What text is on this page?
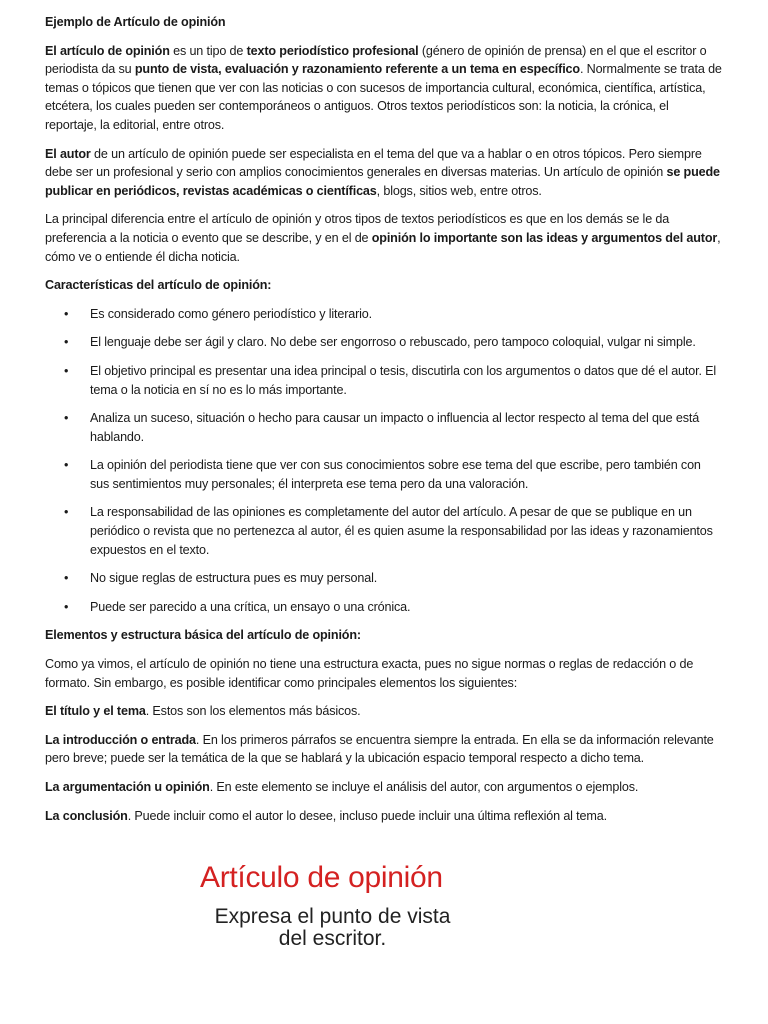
Ejemplo de Artículo de opinión

El artículo de opinión es un tipo de texto periodístico profesional (género de opinión de prensa) en el que el escritor o periodista da su punto de vista, evaluación y razonamiento referente a un tema en específico. Normalmente se trata de temas o tópicos que tienen que ver con las noticias o con sucesos de importancia cultural, económica, científica, artística, etcétera, los cuales pueden ser contemporáneos o antiguos. Otros textos periodísticos son: la noticia, la crónica, el reportaje, la editorial, entre otros.

El autor de un artículo de opinión puede ser especialista en el tema del que va a hablar o en otros tópicos. Pero siempre debe ser un profesional y serio con amplios conocimientos generales en diversas materias. Un artículo de opinión se puede publicar en periódicos, revistas académicas o científicas, blogs, sitios web, entre otros.

La principal diferencia entre el artículo de opinión y otros tipos de textos periodísticos es que en los demás se le da preferencia a la noticia o evento que se describe, y en el de opinión lo importante son las ideas y argumentos del autor, cómo ve o entiende él dicha noticia.

Características del artículo de opinión:

• Es considerado como género periodístico y literario.
• El lenguaje debe ser ágil y claro. No debe ser engorroso o rebuscado, pero tampoco coloquial, vulgar ni simple.
• El objetivo principal es presentar una idea principal o tesis, discutirla con los argumentos o datos que dé el autor. El tema o la noticia en sí no es lo más importante.
• Analiza un suceso, situación o hecho para causar un impacto o influencia al lector respecto al tema del que está hablando.
• La opinión del periodista tiene que ver con sus conocimientos sobre ese tema del que escribe, pero también con sus sentimientos muy personales; él interpreta ese tema pero da una valoración.
• La responsabilidad de las opiniones es completamente del autor del artículo. A pesar de que se publique en un periódico o revista que no pertenezca al autor, él es quien asume la responsabilidad por las ideas y razonamientos expuestos en el texto.
• No sigue reglas de estructura pues es muy personal.
• Puede ser parecido a una crítica, un ensayo o una crónica.

Elementos y estructura básica del artículo de opinión:

Como ya vimos, el artículo de opinión no tiene una estructura exacta, pues no sigue normas o reglas de redacción o de formato. Sin embargo, es posible identificar como principales elementos los siguientes:

El título y el tema. Estos son los elementos más básicos.

La introducción o entrada. En los primeros párrafos se encuentra siempre la entrada. En ella se da información relevante pero breve; puede ser la temática de la que se hablará y la ubicación espacio temporal respecto a dicho tema.

La argumentación u opinión. En este elemento se incluye el análisis del autor, con argumentos o ejemplos.

La conclusión. Puede incluir como el autor lo desee, incluso puede incluir una última reflexión al tema.

Artículo de opinión

Expresa el punto de vista del escritor.
